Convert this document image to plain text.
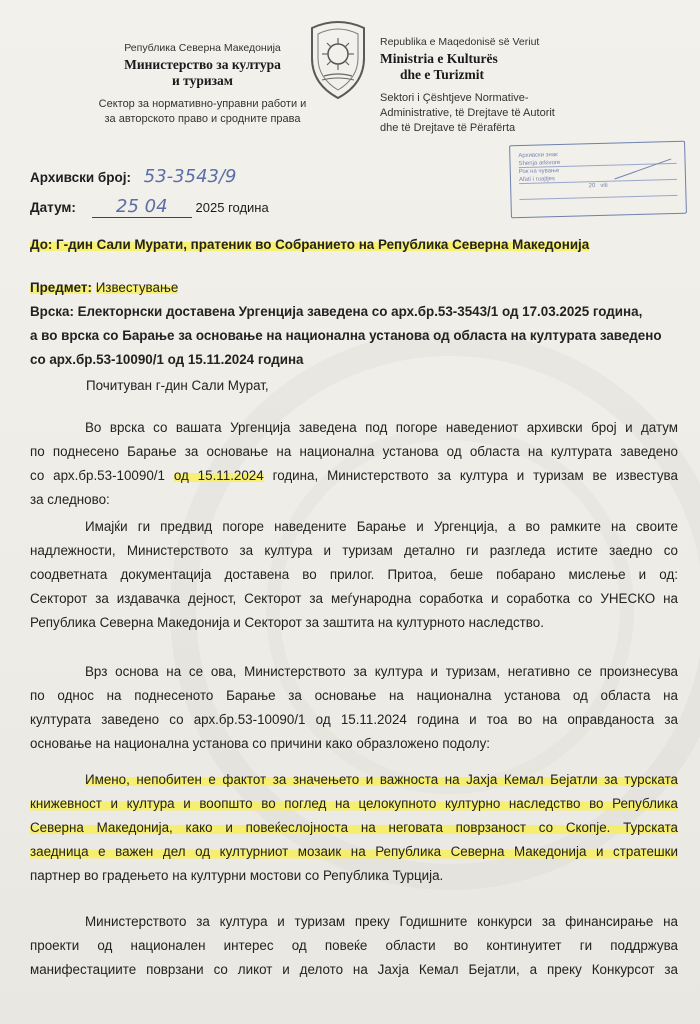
Република Северна Македонија
Министерство за култура
и туризам
Сектор за нормативно-управни работи и за авторското право и сродните права
Republika e Maqedonisë së Veriut
Ministria e Kulturës
dhe e Turizmit
Sektori i Çështjeve Normative-Administrative, të Drejtave të Autorit dhe të Drejtave të Përafërta
Архивски знак
Shenja arkivore
Рок на чување
Afati i ruajtjes
20 viti
Архивски број: 53-3543/9
Датум: 25 04 2025 година
До: Г-дин Сали Мурати, пратеник во Собранието на Република Северна Македонија
Предмет: Известување
Врска: Електорнски доставена Ургенција заведена со арх.бр.53-3543/1 од 17.03.2025 година,
а во врска со Барање за основање на национална установа од областа на културата заведено
со арх.бр.53-10090/1 од 15.11.2024 година
Почитуван г-дин Сали Мурат,
Во врска со вашата Ургенција заведена под погоре наведениот архивски број и датум
по поднесено Барање за основање на национална установа од областа на културата заведено
со арх.бр.53-10090/1 од 15.11.2024 година, Министерството за култура и туризам ве известува
за следново:
Имајќи ги предвид погоре наведените Барање и Ургенција, а во рамките на своите
надлежности, Министерството за култура и туризам детално ги разгледа истите заедно со
соодветната документација доставена во прилог. Притоа, беше побарано мислење и од:
Секторот за издавачка дејност, Секторот за меѓународна соработка и соработка со УНЕСКО на
Република Северна Македонија и Секторот за заштита на културното наследство.
Врз основа на се ова, Министерството за култура и туризам, негативно се произнесува
по однос на поднесеното Барање за основање на национална установа од областа на
културата заведено со арх.бр.53-10090/1 од 15.11.2024 година и тоа во на оправданоста за
основање на национална установа со причини како образложено подолу:
Имено, непобитен е фактот за значењето и важноста на Јахја Кемал Бејатли за турската
книжевност и култура и воопшто во поглед на целокупното културно наследство во Република
Северна Македонија, како и повеќеслојноста на неговата поврзаност со Скопје. Турската
заедница е важен дел од културниот мозаик на Република Северна Македонија и стратешки
партнер во градењето на културни мостови со Република Турција.
Министерството за култура и туризам преку Годишните конкурси за финансирање на
проекти од национален интерес од повеќе области во континуитет ги поддржува
манифестациите поврзани со ликот и делото на Јахја Кемал Бејатли, а преку Конкурсот за
